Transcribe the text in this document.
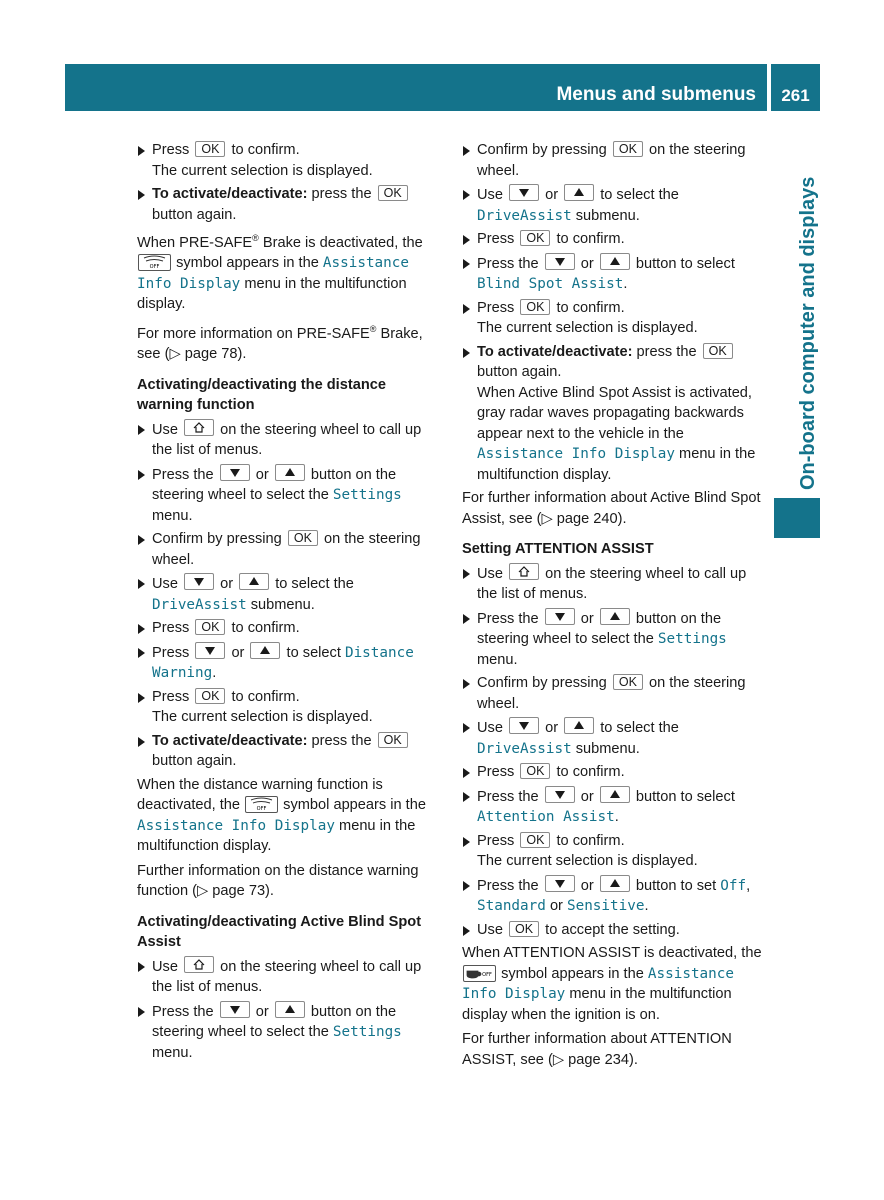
Menus and submenus	261
On-board computer and displays
Press OK to confirm.
The current selection is displayed.
To activate/deactivate: press the OK button again.

When PRE-SAFE® Brake is deactivated, the
OFF symbol appears in the Assistance Info Display menu in the multifunction display.

For more information on PRE-SAFE® Brake, see (▷ page 78).

Activating/deactivating the distance warning function
Use	on the steering wheel to call up the list of menus.
Press the	or	button on the steering wheel to select the Settings menu.
Confirm by pressing OK on the steering wheel.
Use	or	to select the DriveAssist submenu.
Press OK to confirm.
Press	or	to select Distance Warning.
Press OK to confirm.
The current selection is displayed.
To activate/deactivate: press the OK button again.

When the distance warning function is deactivated, the	OFF symbol appears in the Assistance Info Display menu in the multifunction display.

Further information on the distance warning function (▷ page 73).

Activating/deactivating Active Blind Spot Assist
Use	on the steering wheel to call up the list of menus.
Press the	or	button on the steering wheel to select the Settings menu.
Confirm by pressing OK on the steering wheel.
Use	or	to select the DriveAssist submenu.
Press OK to confirm.
Press the	or	button to select Blind Spot Assist.
Press OK to confirm.
The current selection is displayed.
To activate/deactivate: press the OK button again.
When Active Blind Spot Assist is activated, gray radar waves propagating backwards appear next to the vehicle in the Assistance Info Display menu in the multifunction display.

For further information about Active Blind Spot Assist, see (▷ page 240).

Setting ATTENTION ASSIST
Use	on the steering wheel to call up the list of menus.
Press the	or	button on the steering wheel to select the Settings menu.
Confirm by pressing OK on the steering wheel.
Use	or	to select the DriveAssist submenu.
Press OK to confirm.
Press the	or	button to select Attention Assist.
Press OK to confirm.
The current selection is displayed.
Press the	or	button to set Off, Standard or Sensitive.
Use OK to accept the setting.

When ATTENTION ASSIST is deactivated, the
OFF symbol appears in the Assistance Info Display menu in the multifunction display when the ignition is on.

For further information about ATTENTION ASSIST, see (▷ page 234).
